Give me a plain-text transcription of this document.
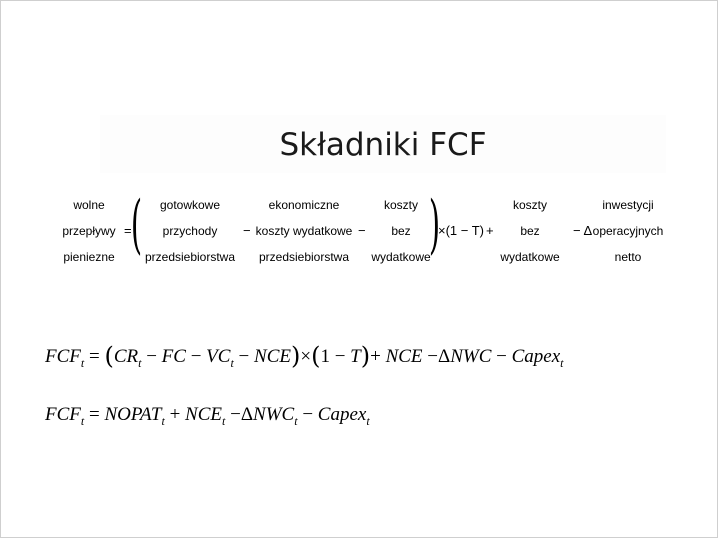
Składniki FCF
wolne
przepływy
pieniezne
= (	gotowkowe
przychody
przedsiebiorstwa
−
ekonomiczne
koszty wydatkowe
przedsiebiorstwa
−
koszty
bez
wydatkowe
)
×(1 − T) +
koszty
bez
wydatkowe
− Δ
inwestycji
operacyjnych
netto
$FCF_t = (CR_t$ − FC − $VC_t - NCE)\times(1 - T)+$ NCE −ΔNWC − Capex$_t$
$FCF_t$ = $NOPAT_t + NCE_t -\Delta NWC_t$ − Capex$_t$
